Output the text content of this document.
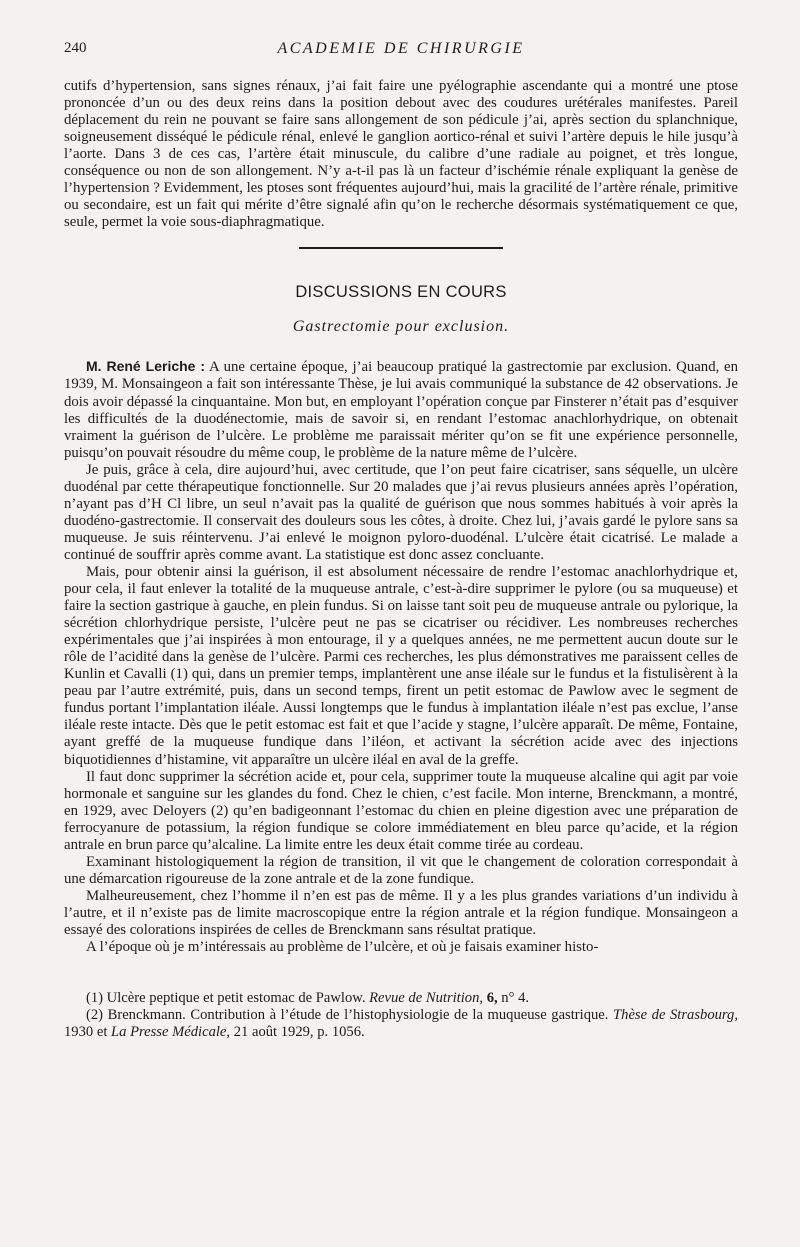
240	ACADEMIE DE CHIRURGIE

cutifs d’hypertension, sans signes rénaux, j’ai fait faire une pyélographie ascendante qui a montré une ptose prononcée d’un ou des deux reins dans la position debout avec des coudures urétérales manifestes. Pareil déplacement du rein ne pouvant se faire sans allongement de son pédicule j’ai, après section du splanchnique, soigneusement disséqué le pédicule rénal, enlevé le ganglion aortico-rénal et suivi l’artère depuis le hile jusqu’à l’aorte. Dans 3 de ces cas, l’artère était minuscule, du calibre d’une radiale au poignet, et très longue, conséquence ou non de son allongement. N’y a-t-il pas là un facteur d’ischémie rénale expliquant la genèse de l’hypertension ? Evidemment, les ptoses sont fréquentes aujourd’hui, mais la gracilité de l’artère rénale, primitive ou secondaire, est un fait qui mérite d’être signalé afin qu’on le recherche désormais systématiquement ce que, seule, permet la voie sous-diaphragmatique.

DISCUSSIONS EN COURS
Gastrectomie pour exclusion.

M. René Leriche : A une certaine époque, j’ai beaucoup pratiqué la gastrectomie par exclusion. Quand, en 1939, M. Monsaingeon a fait son intéressante Thèse, je lui avais communiqué la substance de 42 observations. Je dois avoir dépassé la cinquantaine. Mon but, en employant l’opération conçue par Finsterer n’était pas d’esquiver les difficultés de la duodénectomie, mais de savoir si, en rendant l’estomac anachlorhydrique, on obtenait vraiment la guérison de l’ulcère. Le problème me paraissait mériter qu’on se fit une expérience personnelle, puisqu’on pouvait résoudre du même coup, le problème de la nature même de l’ulcère.

Je puis, grâce à cela, dire aujourd’hui, avec certitude, que l’on peut faire cicatriser, sans séquelle, un ulcère duodénal par cette thérapeutique fonctionnelle. Sur 20 malades que j’ai revus plusieurs années après l’opération, n’ayant pas d’H Cl libre, un seul n’avait pas la qualité de guérison que nous sommes habitués à voir après la duodéno-gastrectomie. Il conservait des douleurs sous les côtes, à droite. Chez lui, j’avais gardé le pylore sans sa muqueuse. Je suis réintervenu. J’ai enlevé le moignon pyloro-duodénal. L’ulcère était cicatrisé. Le malade a continué de souffrir après comme avant. La statistique est donc assez concluante.

Mais, pour obtenir ainsi la guérison, il est absolument nécessaire de rendre l’estomac anachlorhydrique et, pour cela, il faut enlever la totalité de la muqueuse antrale, c’est-à-dire supprimer le pylore (ou sa muqueuse) et faire la section gastrique à gauche, en plein fundus. Si on laisse tant soit peu de muqueuse antrale ou pylorique, la sécrétion chlorhydrique persiste, l’ulcère peut ne pas se cicatriser ou récidiver. Les nombreuses recherches expérimentales que j’ai inspirées à mon entourage, il y a quelques années, ne me permettent aucun doute sur le rôle de l’acidité dans la genèse de l’ulcère. Parmi ces recherches, les plus démonstratives me paraissent celles de Kunlin et Cavalli (1) qui, dans un premier temps, implantèrent une anse iléale sur le fundus et la fistulisèrent à la peau par l’autre extrémité, puis, dans un second temps, firent un petit estomac de Pawlow avec le segment de fundus portant l’implantation iléale. Aussi longtemps que le fundus à implantation iléale n’est pas exclue, l’anse iléale reste intacte. Dès que le petit estomac est fait et que l’acide y stagne, l’ulcère apparaît. De même, Fontaine, ayant greffé de la muqueuse fundique dans l’iléon, et activant la sécrétion acide avec des injections biquotidiennes d’histamine, vit apparaître un ulcère iléal en aval de la greffe.

Il faut donc supprimer la sécrétion acide et, pour cela, supprimer toute la muqueuse alcaline qui agit par voie hormonale et sanguine sur les glandes du fond. Chez le chien, c’est facile. Mon interne, Brenckmann, a montré, en 1929, avec Deloyers (2) qu’en badigeonnant l’estomac du chien en pleine digestion avec une préparation de ferrocyanure de potassium, la région fundique se colore immédiatement en bleu parce qu’acide, et la région antrale en brun parce qu’alcaline. La limite entre les deux était comme tirée au cordeau.

Examinant histologiquement la région de transition, il vit que le changement de coloration correspondait à une démarcation rigoureuse de la zone antrale et de la zone fundique.

Malheureusement, chez l’homme il n’en est pas de même. Il y a les plus grandes variations d’un individu à l’autre, et il n’existe pas de limite macroscopique entre la région antrale et la région fundique. Monsaingeon a essayé des colorations inspirées de celles de Brenckmann sans résultat pratique.

A l’époque où je m’intéressais au problème de l’ulcère, et où je faisais examiner histo-

(1) Ulcère peptique et petit estomac de Pawlow. Revue de Nutrition, 6, n° 4.

(2) Brenckmann. Contribution à l’étude de l’histophysiologie de la muqueuse gastrique. Thèse de Strasbourg, 1930 et La Presse Médicale, 21 août 1929, p. 1056.
